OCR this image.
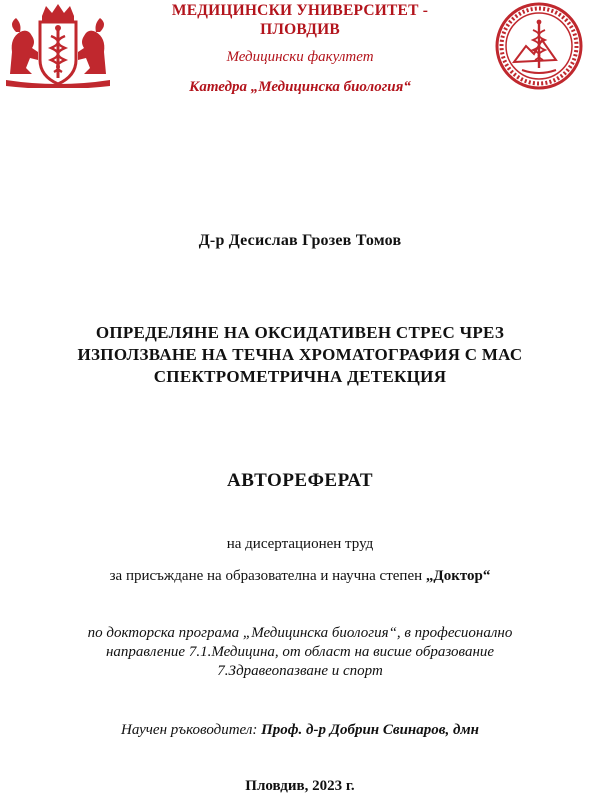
МЕДИЦИНСКИ УНИВЕРСИТЕТ -
ПЛОВДИВ
Медицински факултет
Катедра „Медицинска биология“
Д-р Десислав Грозев Томов
ОПРЕДЕЛЯНЕ НА ОКСИДАТИВЕН СТРЕС ЧРЕЗ
ИЗПОЛЗВАНЕ НА ТЕЧНА ХРОМАТОГРАФИЯ С МАС
СПЕКТРОМЕТРИЧНА ДЕТЕКЦИЯ
АВТОРЕФЕРАТ
на дисертационен труд
за присъждане на образователна и научна степен „Доктор“
по докторска програма „Медицинска биология“, в професионално
направление 7.1.Медицина, от област на висше образование
7.Здравеопазване и спорт
Научен ръководител: Проф. д-р Добрин Свинаров, дмн
Пловдив, 2023 г.
